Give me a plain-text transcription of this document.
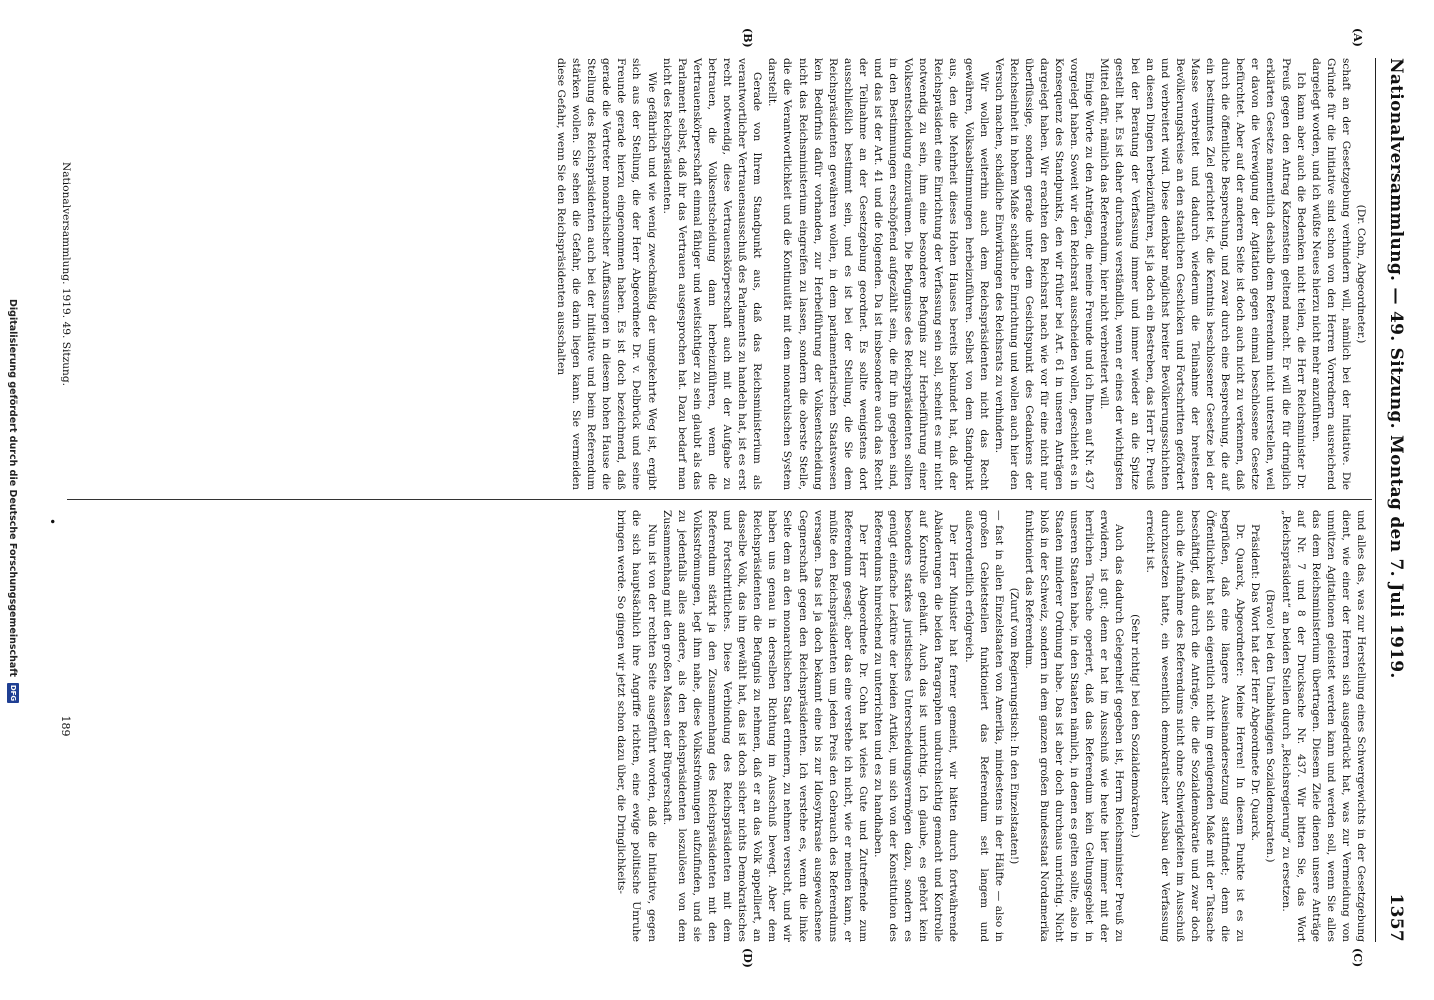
Nationalversammlung. — 49. Sitzung. Montag den 7. Juli 1919.
1357
(A)
(B)
(C)
(D)

(Dr. Cohn, Abgeordneter.)

schaft an der Gesetzgebung verhindern will, nämlich bei der Initiative. Die Gründe für die Initiative sind schon von den Herren Vorrednern ausreichend dargelegt worden, und ich wüßte Neues hierzu nicht mehr anzuführen.

Ich kann aber auch die Bedenken nicht teilen, die Herr Reichsminister Dr. Preuß gegen den Antrag Katzenstein geltend macht. Er will die für dringlich erklärten Gesetze namentlich deshalb dem Referendum nicht unterstellen, weil er davon die Verewigung der Agitation gegen einmal beschlossene Gesetze befürchtet. Aber auf der anderen Seite ist doch auch nicht zu verkennen, daß durch die öffentliche Besprechung, und zwar durch eine Besprechung, die auf ein bestimmtes Ziel gerichtet ist, die Kenntnis beschlossener Gesetze bei der Masse verbreitet und dadurch wiederum die Teilnahme der breitesten Bevölkerungskreise an den staatlichen Geschicken und Fortschritten gefördert und verbreitert wird. Diese denkbar möglichst breiter Bevölkerungsschichten an diesen Dingen herbeizuführen, ist ja doch ein Bestreben, das Herr Dr. Preuß bei der Beratung der Verfassung immer und immer wieder an die Spitze gestellt hat. Es ist daher durchaus verständlich, wenn er eines der wichtigsten Mittel dafür, nämlich das Referendum, hier nicht verbreitert will.

Einige Worte zu den Anträgen, die meine Freunde und ich Ihnen auf Nr. 437 vorgelegt haben. Soweit wir den Reichsrat ausscheiden wollen, geschieht es in Konsequenz des Standpunkts, den wir früher bei Art. 61 in unseren Anträgen dargelegt haben. Wir erachten den Reichsrat nach wie vor für eine nicht nur überflüssige, sondern gerade unter dem Gesichtspunkt des Gedankens der Reichseinheit in hohem Maße schädliche Einrichtung und wollen auch hier den Versuch machen, schädliche Einwirkungen des Reichsrats zu verhindern.

Wir wollen weiterhin auch dem Reichspräsidenten nicht das Recht gewähren, Volksabstimmungen herbeizuführen. Selbst von dem Standpunkt aus, den die Mehrheit dieses Hohen Hauses bereits bekundet hat, daß der Reichspräsident eine Einrichtung der Verfassung sein soll, scheint es mir nicht notwendig zu sein, ihm eine besondere Befugnis zur Herbeiführung einer Volksentscheidung einzuräumen. Die Befugnisse des Reichspräsidenten sollten in den Bestimmungen erschöpfend aufgezählt sein, die für ihn gegeben sind, und das ist der Art. 41 und die folgenden. Da ist insbesondere auch das Recht der Teilnahme an der Gesetzgebung geordnet. Es sollte wenigstens dort ausschließlich bestimmt sein, und es ist bei der Stellung, die Sie dem Reichspräsidenten gewähren wollen, in dem parlamentarischen Staatswesen kein Bedürfnis dafür vorhanden, zur Herbeiführung der Volksentscheidung nicht das Reichsministerium eingreifen zu lassen, sondern die oberste Stelle, die die Verantwortlichkeit und die Kontinuität mit dem monarchischen System darstellt.

Gerade von Ihrem Standpunkt aus, daß das Reichsministerium als verantwortlicher Vertrauensausschuß des Parlaments zu handeln hat, ist es erst recht notwendig, diese Vertrauenskörperschaft auch mit der Aufgabe zu betrauen, die Volksentscheidung dann herbeizuführen, wenn die Vertrauenskörperschaft einmal fähiger und weitsichtiger zu sein glaubt als das Parlament selbst, daß ihr das Vertrauen ausgesprochen hat. Dazu bedarf man nicht des Reichspräsidenten.

Wie gefährlich und wie wenig zweckmäßig der umgekehrte Weg ist, ergibt sich aus der Stellung, die der Herr Abgeordnete Dr. v. Delbrück und seine Freunde gerade hierzu eingenommen haben. Es ist doch bezeichnend, daß gerade die Vertreter monarchischer Auffassungen in diesem hohen Hause die Stellung des Reichspräsidenten auch bei der Initiative und beim Referendum stärken wollen. Sie sehen die Gefahr, die darin liegen kann. Sie vermeiden diese Gefahr, wenn Sie den Reichspräsidenten ausschalten

und alles das, was zur Herstellung eines Schwergewichts in der Gesetzgebung dient, wie einer der Herren sich ausgedrückt hat, was zur Vermeidung von unnützen Agitationen geleistet werden kann und werden soll, wenn Sie alles das dem Reichsministerium übertragen. Diesem Ziele dienen unsere Anträge auf Nr. 7 und 8 der Drucksache Nr. 437. Wir bitten Sie, das Wort „Reichspräsident“ an beiden Stellen durch „Reichsregierung“ zu ersetzen.

(Bravo! bei den Unabhängigen Sozialdemokraten.)

Präsident: Das Wort hat der Herr Abgeordnete Dr. Quarck.

Dr. Quarck, Abgeordneter: Meine Herren! In diesem Punkte ist es zu begrüßen, daß eine längere Auseinandersetzung stattfindet; denn die Öffentlichkeit hat sich eigentlich nicht im genügenden Maße mit der Tatsache beschäftigt, daß durch die Anträge, die die Sozialdemokratie und zwar doch auch die Aufnahme des Referendums nicht ohne Schwierigkeiten im Ausschuß durchzusetzen hatte, ein wesentlich demokratischer Ausbau der Verfassung erreicht ist.

(Sehr richtig! bei den Sozialdemokraten.)

Auch das dadurch Gelegenheit gegeben ist, Herrn Reichsminister Preuß zu erwidern, ist gut; denn er hat im Ausschuß wie heute hier immer mit der herrlichen Tatsache operiert, daß das Referendum kein Geltungsgebiet in unseren Staaten habe, in den Staaten nämlich, in denen es gelten sollte, also in Staaten minderer Ordnung habe. Das ist aber doch durchaus unrichtig. Nicht bloß in der Schweiz, sondern in dem ganzen großen Bundesstaat Nordamerika funktioniert das Referendum.

(Zuruf vom Regierungstisch: In den Einzelstaaten!)

— fast in allen Einzelstaaten von Amerika, mindestens in der Hälfte — also in großen Gebietsteilen funktioniert das Referendum seit langem und außerordentlich erfolgreich.

Der Herr Minister hat ferner gemeint, wir hätten durch fortwährende Abänderungen die beiden Paragraphen undurchsichtig gemacht und Kontrolle auf Kontrolle gehäuft. Auch das ist unrichtig. Ich glaube, es gehört kein besonders starkes juristisches Unterscheidungsvermögen dazu, sondern es genügt einfache Lektüre der beiden Artikel, um sich von der Konstitution des Referendums hinreichend zu unterrichten und es zu handhaben.

Der Herr Abgeordnete Dr. Cohn hat vieles Gute und Zutreffende zum Referendum gesagt; aber das eine verstehe ich nicht, wie er meinen kann, er müßte den Reichspräsidenten um jeden Preis den Gebrauch des Referendums versagen. Das ist ja doch bekannt eine bis zur Idiosynkrasie ausgewachsene Gegnerschaft gegen den Reichspräsidenten. Ich verstehe es, wenn die linke Seite dem an den monarchischen Staat erinnern, zu nehmen versucht, und wir haben uns genau in derselben Richtung im Ausschuß bewegt. Aber dem Reichspräsidenten die Befugnis zu nehmen, daß er an das Volk appelliert, an dasselbe Volk, das ihn gewählt hat, das ist doch sicher nichts Demokratisches und Fortschrittliches. Diese Verbindung des Reichspräsidenten mit dem Referendum stärkt ja den Zusammenhang des Reichspräsidenten mit den Volksströmungen, legt ihm nahe, diese Volksströmungen aufzufinden, und sie zu jedenfalls alles andere, als den Reichspräsidenten loszulösen von dem Zusammenhang mit den großen Massen der Bürgerschaft.

Nun ist von der rechten Seite ausgeführt worden, daß die Initiative, gegen die sich hauptsächlich ihre Angriffe richten, eine ewige politische Unruhe bringen werde. So gingen wir jetzt schon dazu über, die Dringlichkeits-

Nationalversammlung. 1919. 49. Sitzung.
189
•
Digitalisierung gefördert durch die Deutsche Forschungsgemeinschaft
DFG
